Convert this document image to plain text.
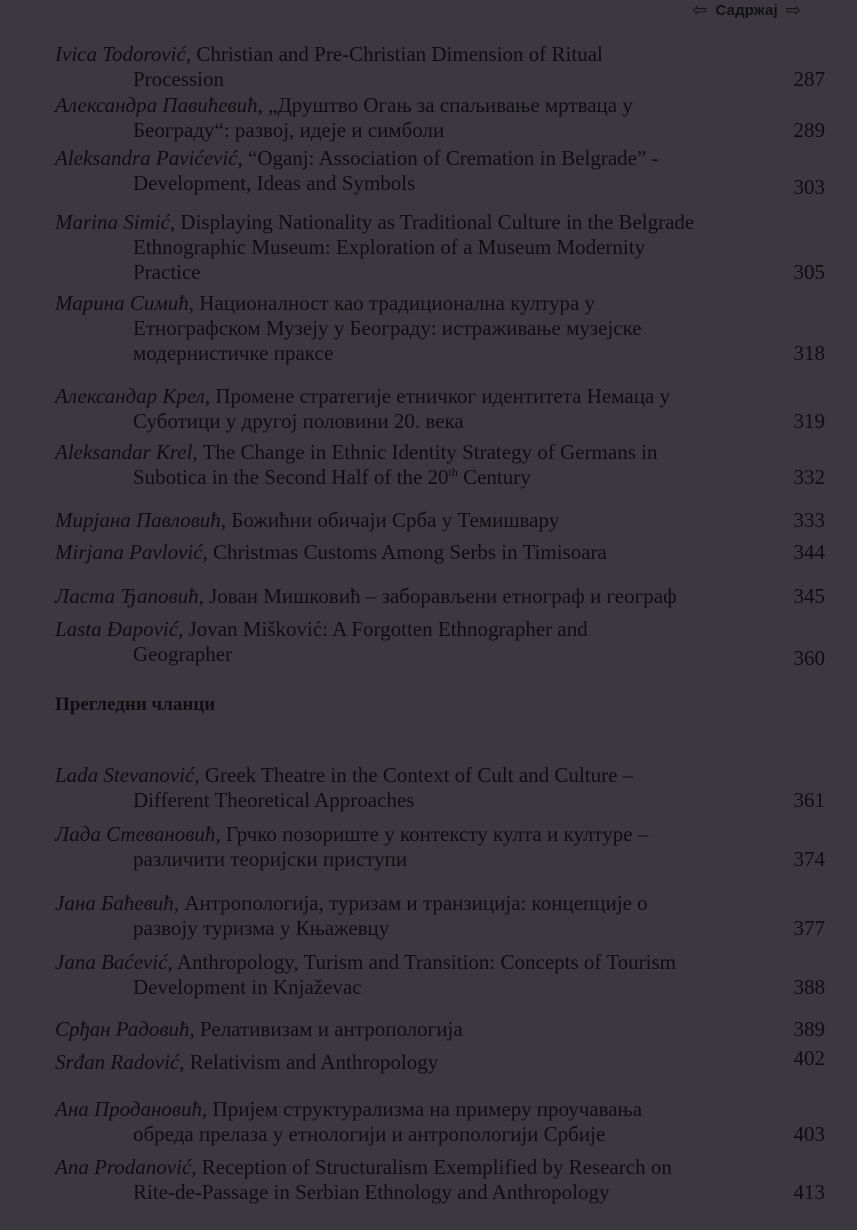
⇦ Садржај ⇨
Ivica Todorović, Christian and Pre-Christian Dimension of Ritual
Procession	287
Александра Павићевић, „Друштво Огањ за спаљивање мртваца у
Београду“: развој, идеје и симболи	289
Aleksandra Pavićević, “Oganj: Association of Cremation in Belgrade” -
Development, Ideas and Symbols	303
Marina Simić, Displaying Nationality as Traditional Culture in the Belgrade
Ethnographic Museum: Exploration of a Museum Modernity
Practice	305
Марина Симић, Националност као традиционална култура у
Етнографском Музеју у Београду: истраживање музејске
модернистичке праксе	318
Александар Крел, Промене стратегије етничког идентитета Немаца у
Суботици у другој половини 20. века	319
Aleksandar Krel, The Change in Ethnic Identity Strategy of Germans in
Subotica in the Second Half of the 20th Century	332
Мирјана Павловић, Божићни обичаји Срба у Темишвару	333
Mirjana Pavlović, Christmas Customs Among Serbs in Timisoara	344
Ласта Ђаповић, Јован Мишковић – заборављени етнограф и географ	345
Lasta Đapović, Jovan Mišković: A Forgotten Ethnographer and
Geographer	360
Прегледни чланци
Lada Stevanović, Greek Theatre in the Context of Cult and Culture –
Different Theoretical Approaches	361
Лада Стевановић, Грчко позориште у контексту култа и културе –
различити теоријски приступи	374
Јана Баћевић, Антропологија, туризам и транзиција: концепције о
развоју туризма у Књажевцу	377
Jana Baćević, Anthropology, Turism and Transition: Concepts of Tourism
Development in Knjaževac	388
Срђан Радовић, Релативизам и антропологија	389
Srđan Radović, Relativism and Anthropology	402
Ана Продановић, Пријем структурализма на примеру проучавања
обреда прелаза у етнологији и антропологији Србије	403
Ana Prodanović, Reception of Structuralism Exemplified by Research on
Rite-de-Passage in Serbian Ethnology and Anthropology	413
